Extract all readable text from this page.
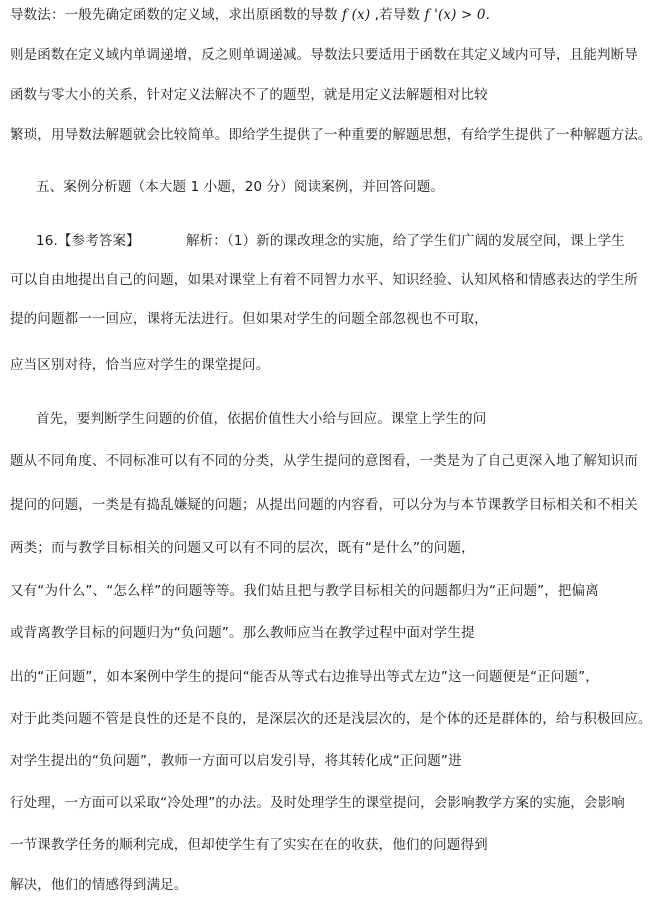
导数法：一般先确定函数的定义域，求出原函数的导数 f (x) ,若导数 f '(x) > 0.
则是函数在定义域内单调递增，反之则单调递减。导数法只要适用于函数在其定义域内可导，且能判断导
函数与零大小的关系，针对定义法解决不了的题型，就是用定义法解题相对比较
繁琐，用导数法解题就会比较简单。即给学生提供了一种重要的解题思想，有给学生提供了一种解题方法。
五、案例分析题（本大题 1 小题，20 分）阅读案例，并回答问题。
16.【参考答案】	解析：（1）新的课改理念的实施，给了学生们广阔的发展空间，课上学生
可以自由地提出自己的问题，如果对课堂上有着不同智力水平、知识经验、认知风格和情感表达的学生所
提的问题都一一回应，课将无法进行。但如果对学生的问题全部忽视也不可取，
应当区别对待，恰当应对学生的课堂提问。
首先，要判断学生问题的价值，依据价值性大小给与回应。课堂上学生的问
题从不同角度、不同标准可以有不同的分类，从学生提问的意图看，一类是为了自己更深入地了解知识而
提问的问题，一类是有捣乱嫌疑的问题；从提出问题的内容看，可以分为与本节课教学目标相关和不相关
两类；而与教学目标相关的问题又可以有不同的层次，既有“是什么”的问题，
又有“为什么”、“怎么样”的问题等等。我们姑且把与教学目标相关的问题都归为“正问题”，把偏离
或背离教学目标的问题归为“负问题”。那么教师应当在教学过程中面对学生提
出的“正问题”，如本案例中学生的提问“能否从等式右边推导出等式左边”这一问题便是“正问题”，
对于此类问题不管是良性的还是不良的，是深层次的还是浅层次的，是个体的还是群体的，给与积极回应。
对学生提出的“负问题”，教师一方面可以启发引导，将其转化成“正问题”进
行处理，一方面可以采取“冷处理”的办法。及时处理学生的课堂提问，会影响教学方案的实施，会影响
一节课教学任务的顺利完成，但却使学生有了实实在在的收获，他们的问题得到
解决，他们的情感得到满足。
